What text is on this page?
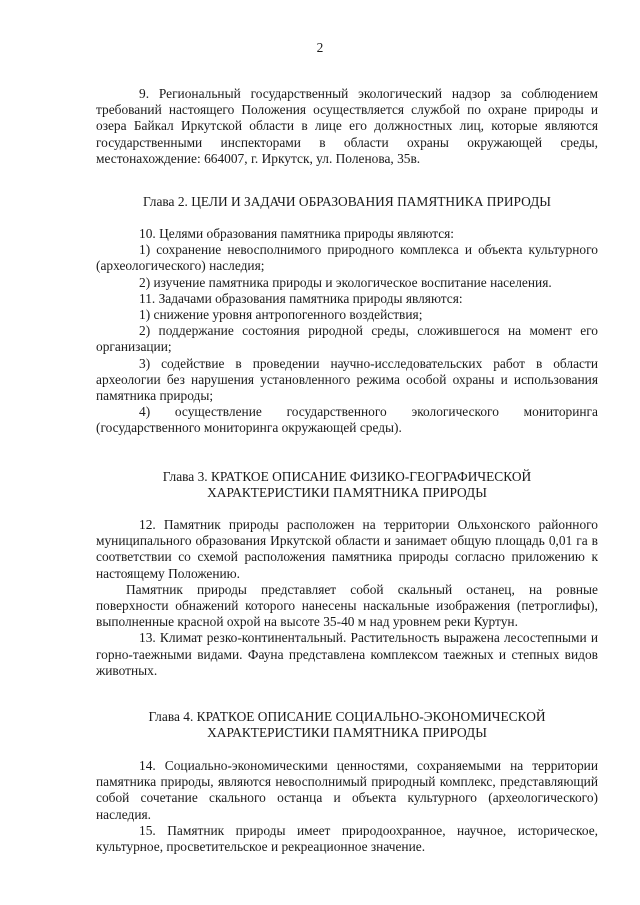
2

9. Региональный государственный экологический надзор за соблюдением требований настоящего Положения осуществляется службой по охране природы и озера Байкал Иркутской области в лице его должностных лиц, которые являются государственными инспекторами в области охраны окружающей среды, местонахождение: 664007, г. Иркутск, ул. Поленова, 35в.

Глава 2. ЦЕЛИ И ЗАДАЧИ ОБРАЗОВАНИЯ ПАМЯТНИКА ПРИРОДЫ

10. Целями образования памятника природы являются:

1) сохранение невосполнимого природного комплекса и объекта культурного (археологического) наследия;

2) изучение памятника природы и экологическое воспитание населения.

11. Задачами образования памятника природы являются:

1) снижение уровня антропогенного воздействия;

2) поддержание состояния риродной среды, сложившегося на момент его организации;

3) содействие в проведении научно-исследовательских работ в области археологии без нарушения установленного режима особой охраны и использования памятника природы;

4) осуществление государственного экологического мониторинга (государственного мониторинга окружающей среды).

Глава 3. КРАТКОЕ ОПИСАНИЕ ФИЗИКО-ГЕОГРАФИЧЕСКОЙ
ХАРАКТЕРИСТИКИ ПАМЯТНИКА ПРИРОДЫ

12. Памятник природы расположен на территории Ольхонского районного муниципального образования Иркутской области и занимает общую площадь 0,01 га в соответствии со схемой расположения памятника природы согласно приложению к настоящему Положению.

Памятник природы представляет собой скальный останец, на ровные поверхности обнажений которого нанесены наскальные изображения (петроглифы), выполненные красной охрой на высоте 35-40 м над уровнем реки Куртун.

13. Климат резко-континентальный. Растительность выражена лесостепными и горно-таежными видами. Фауна представлена комплексом таежных и степных видов животных.

Глава 4. КРАТКОЕ ОПИСАНИЕ СОЦИАЛЬНО-ЭКОНОМИЧЕСКОЙ
ХАРАКТЕРИСТИКИ ПАМЯТНИКА ПРИРОДЫ

14. Социально-экономическими ценностями, сохраняемыми на территории памятника природы, являются невосполнимый природный комплекс, представляющий собой сочетание скального останца и объекта культурного (археологического) наследия.

15. Памятник природы имеет природоохранное, научное, историческое, культурное, просветительское и рекреационное значение.
